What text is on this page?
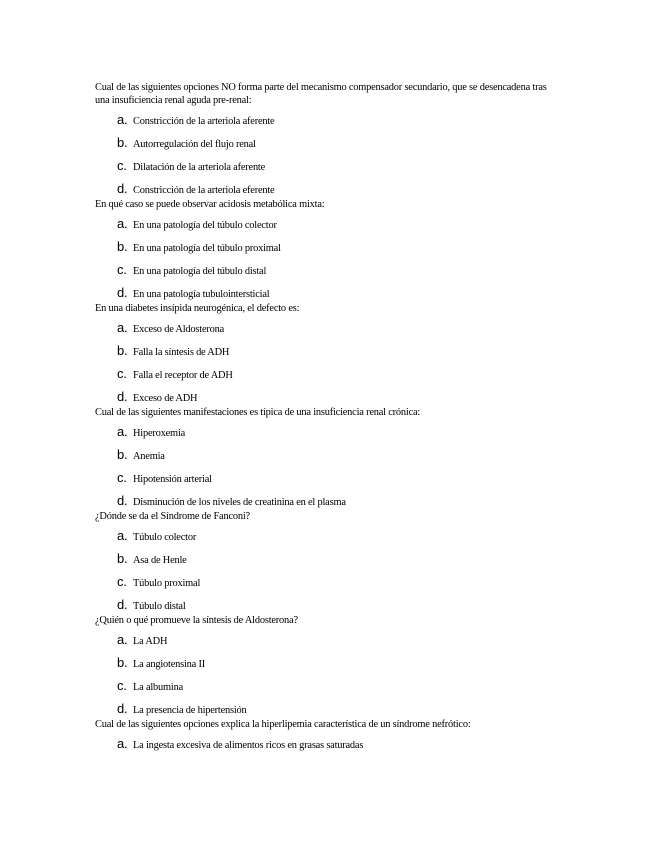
Cual de las siguientes opciones NO forma parte del mecanismo compensador secundario, que se desencadena tras una insuficiencia renal aguda pre-renal:

a. Constricción de la arteriola aferente
b. Autorregulación del flujo renal
c. Dilatación de la arteriola aferente
d. Constricción de la arteriola eferente

En qué caso se puede observar acidosis metabólica mixta:

a. En una patología del túbulo colector
b. En una patología del túbulo proximal
c. En una patología del túbulo distal
d. En una patología tubulointersticial

En una diabetes insípida neurogénica, el defecto es:

a. Exceso de Aldosterona
b. Falla la síntesis de ADH
c. Falla el receptor de ADH
d. Exceso de ADH

Cual de las siguientes manifestaciones es típica de una insuficiencia renal crónica:

a. Hiperoxemia
b. Anemia
c. Hipotensión arterial
d. Disminución de los niveles de creatinina en el plasma

¿Dónde se da el Síndrome de Fanconi?

a. Túbulo colector
b. Asa de Henle
c. Túbulo proximal
d. Túbulo distal

¿Quién o qué promueve la síntesis de Aldosterona?

a. La ADH
b. La angiotensina II
c. La albumina
d. La presencia de hipertensión

Cual de las siguientes opciones explica la hiperlipemia característica de un síndrome nefrótico:

a. La ingesta excesiva de alimentos ricos en grasas saturadas
